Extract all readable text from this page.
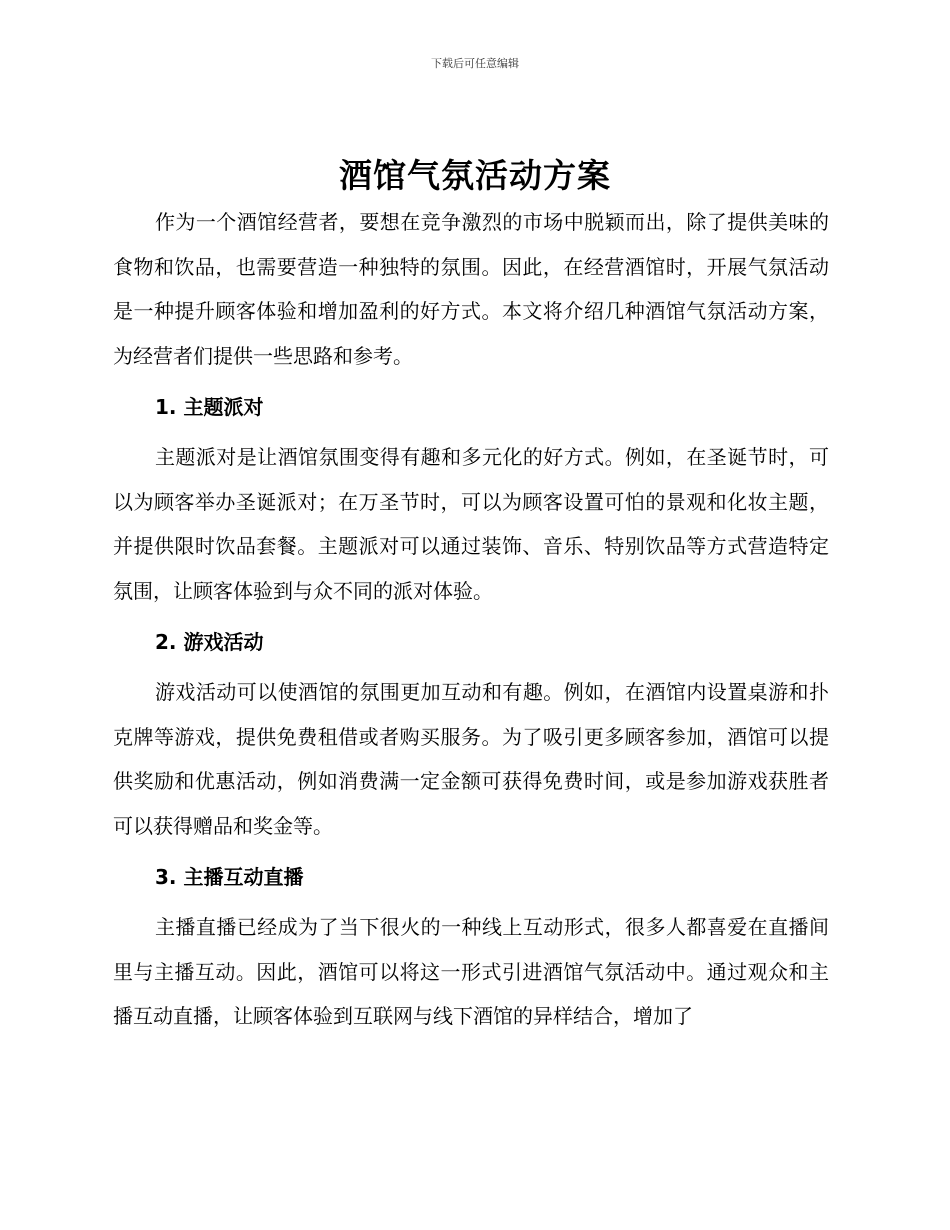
下载后可任意编辑
酒馆气氛活动方案

作为一个酒馆经营者，要想在竞争激烈的市场中脱颖而出，除了提供美味的食物和饮品，也需要营造一种独特的氛围。因此，在经营酒馆时，开展气氛活动是一种提升顾客体验和增加盈利的好方式。本文将介绍几种酒馆气氛活动方案，为经营者们提供一些思路和参考。

1. 主题派对

主题派对是让酒馆氛围变得有趣和多元化的好方式。例如，在圣诞节时，可以为顾客举办圣诞派对；在万圣节时，可以为顾客设置可怕的景观和化妆主题，并提供限时饮品套餐。主题派对可以通过装饰、音乐、特别饮品等方式营造特定氛围，让顾客体验到与众不同的派对体验。

2. 游戏活动

游戏活动可以使酒馆的氛围更加互动和有趣。例如，在酒馆内设置桌游和扑克牌等游戏，提供免费租借或者购买服务。为了吸引更多顾客参加，酒馆可以提供奖励和优惠活动，例如消费满一定金额可获得免费时间，或是参加游戏获胜者可以获得赠品和奖金等。

3. 主播互动直播

主播直播已经成为了当下很火的一种线上互动形式，很多人都喜爱在直播间里与主播互动。因此，酒馆可以将这一形式引进酒馆气氛活动中。通过观众和主播互动直播，让顾客体验到互联网与线下酒馆的异样结合，增加了
